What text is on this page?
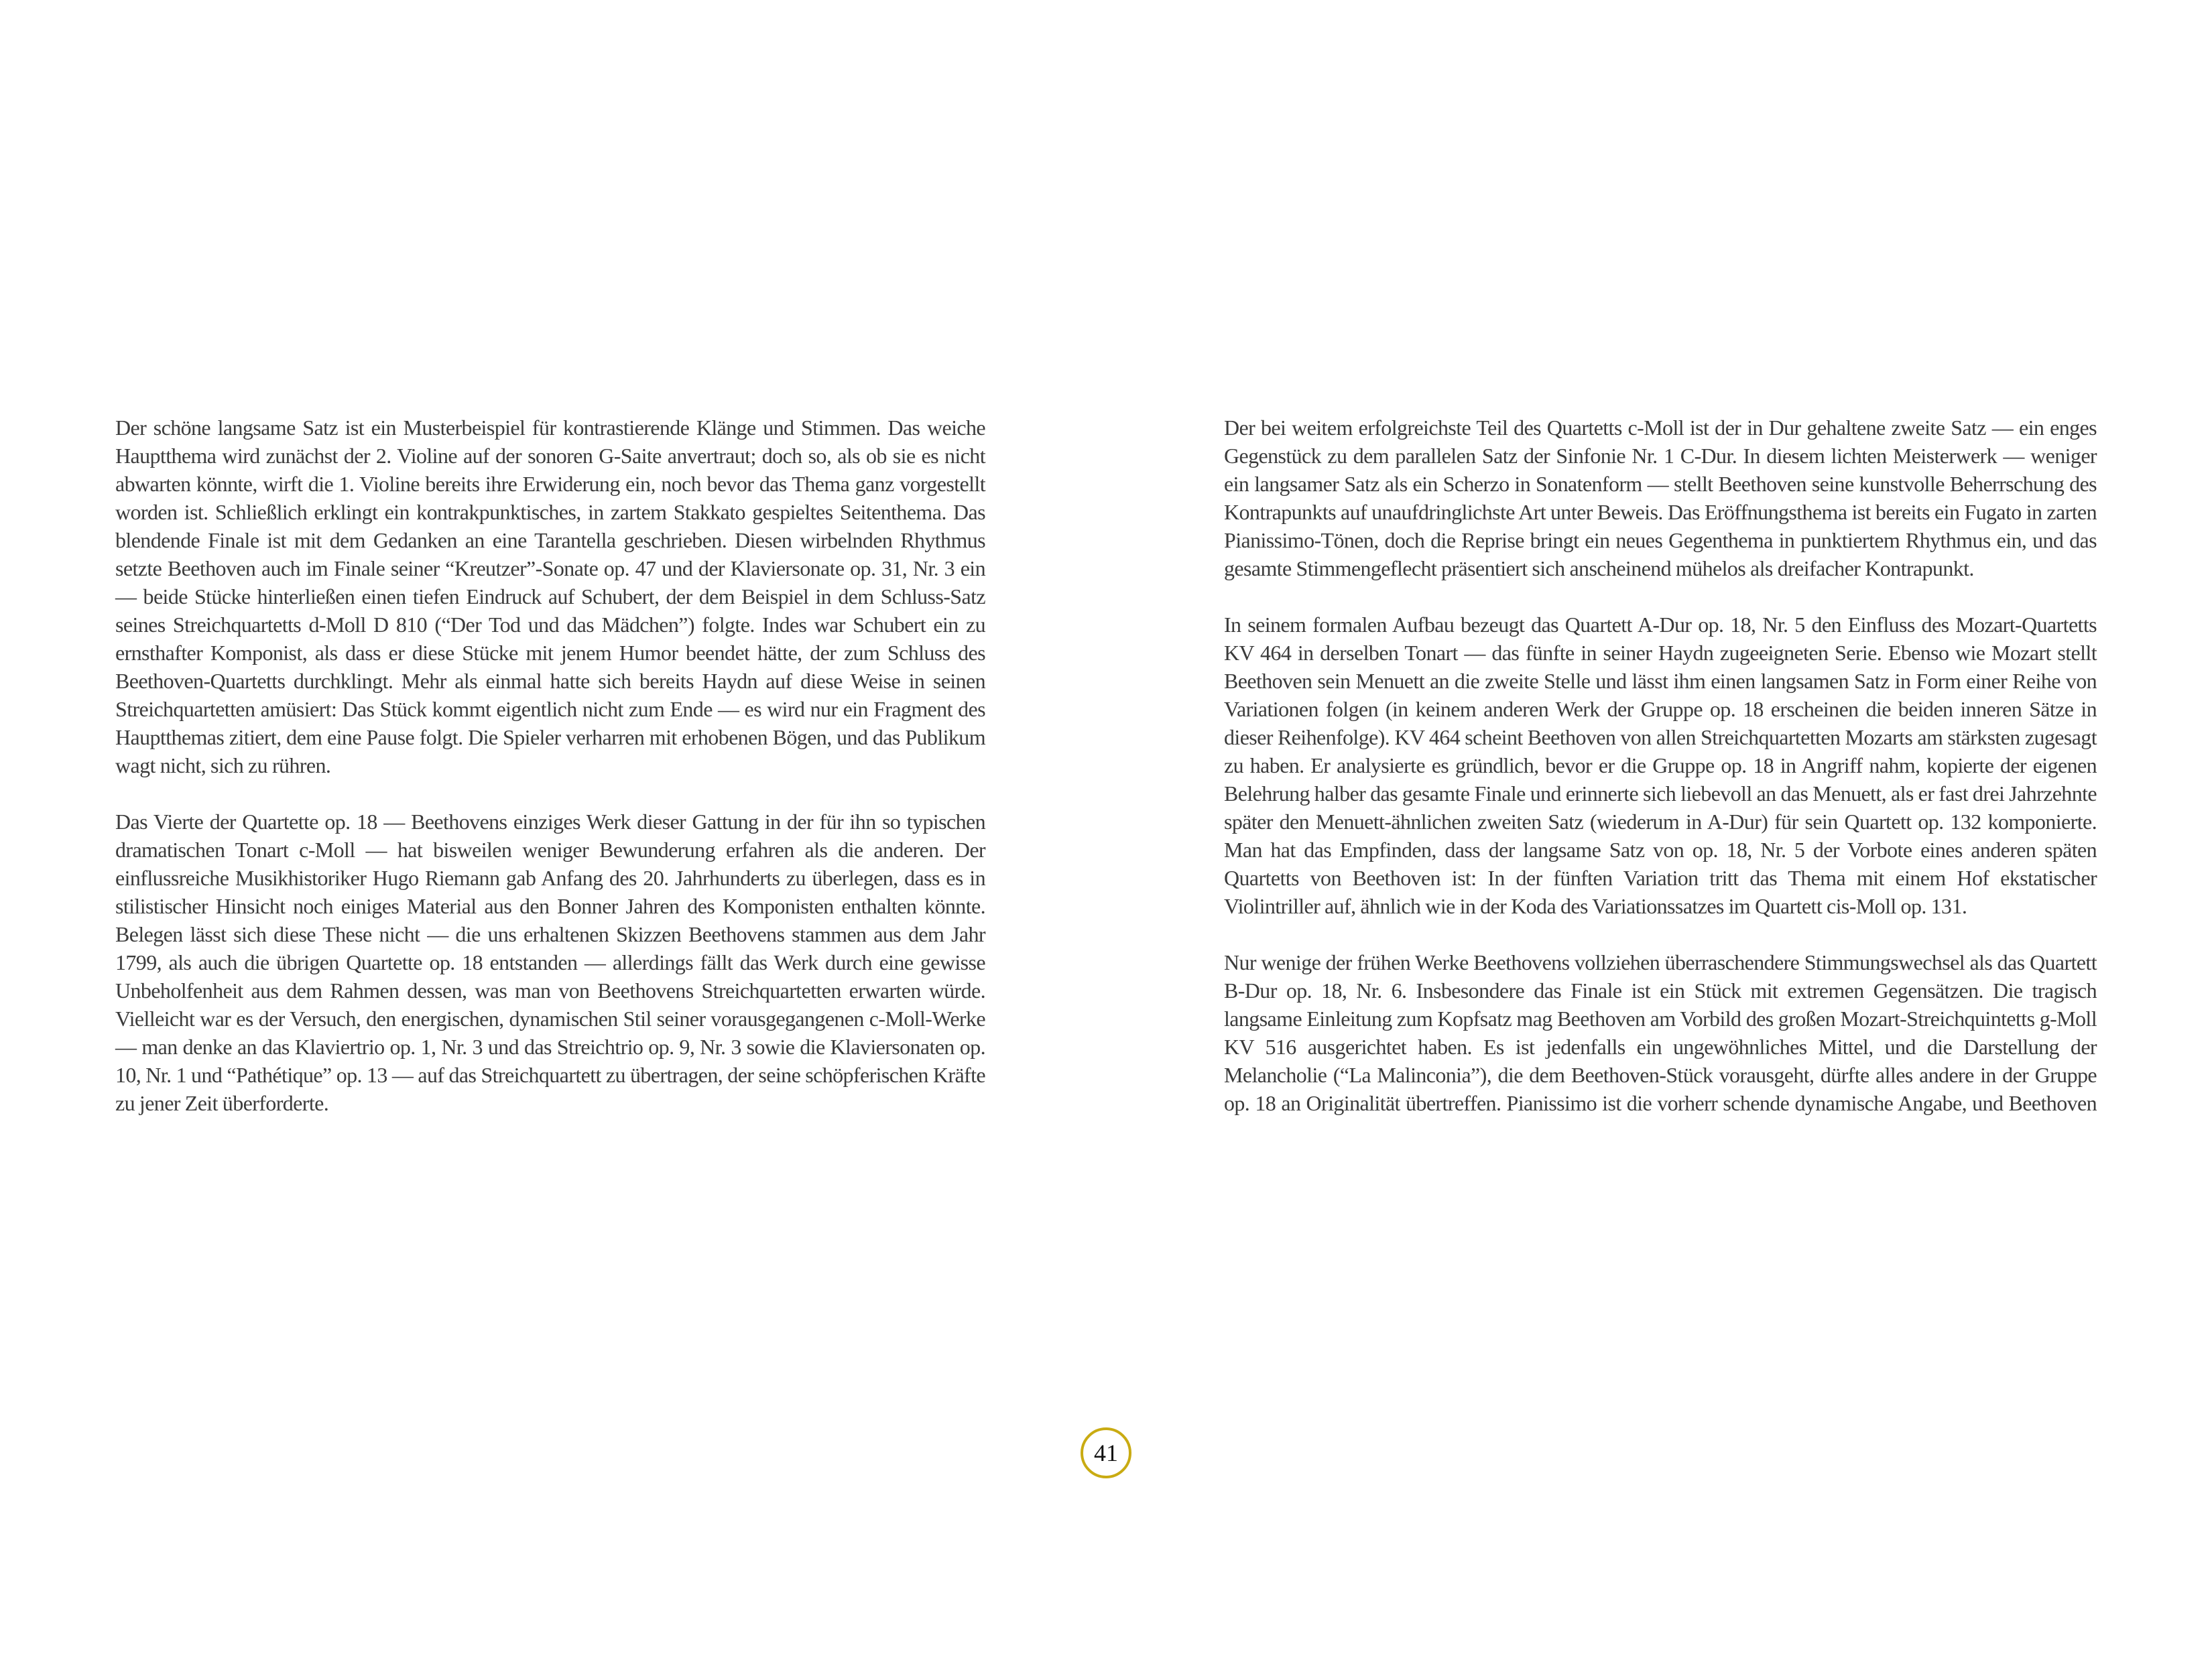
Der schöne langsame Satz ist ein Musterbeispiel für kontrastierende Klänge und Stimmen. Das weiche Hauptthema wird zunächst der 2. Violine auf der sonoren G-Saite anvertraut; doch so, als ob sie es nicht abwarten könnte, wirft die 1. Violine bereits ihre Erwiderung ein, noch bevor das Thema ganz vorgestellt worden ist. Schließlich erklingt ein kontrakpunktisches, in zartem Stakkato gespieltes Seitenthema. Das blendende Finale ist mit dem Gedanken an eine Tarantella geschrieben. Diesen wirbelnden Rhythmus setzte Beethoven auch im Finale seiner “Kreutzer”-Sonate op. 47 und der Klaviersonate op. 31, Nr. 3 ein — beide Stücke hinterließen einen tiefen Eindruck auf Schubert, der dem Beispiel in dem Schluss-Satz seines Streichquartetts d-Moll D 810 (“Der Tod und das Mädchen”) folgte. Indes war Schubert ein zu ernsthafter Komponist, als dass er diese Stücke mit jenem Humor beendet hätte, der zum Schluss des Beethoven-Quartetts durchklingt. Mehr als einmal hatte sich bereits Haydn auf diese Weise in seinen Streichquartetten amüsiert: Das Stück kommt eigentlich nicht zum Ende — es wird nur ein Fragment des Hauptthemas zitiert, dem eine Pause folgt. Die Spieler verharren mit erhobenen Bögen, und das Publikum wagt nicht, sich zu rühren.

Das Vierte der Quartette op. 18 — Beethovens einziges Werk dieser Gattung in der für ihn so typischen dramatischen Tonart c-Moll — hat bisweilen weniger Bewunderung erfahren als die anderen. Der einflussreiche Musikhistoriker Hugo Riemann gab Anfang des 20. Jahrhunderts zu überlegen, dass es in stilistischer Hinsicht noch einiges Material aus den Bonner Jahren des Komponisten enthalten könnte. Belegen lässt sich diese These nicht — die uns erhaltenen Skizzen Beethovens stammen aus dem Jahr 1799, als auch die übrigen Quartette op. 18 entstanden — allerdings fällt das Werk durch eine gewisse Unbeholfenheit aus dem Rahmen dessen, was man von Beethovens Streichquartetten erwarten würde. Vielleicht war es der Versuch, den energischen, dynamischen Stil seiner vorausgegangenen c-Moll-Werke — man denke an das Klaviertrio op. 1, Nr. 3 und das Streichtrio op. 9, Nr. 3 sowie die Klaviersonaten op. 10, Nr. 1 und “Pathétique” op. 13 — auf das Streichquartett zu übertragen, der seine schöpferischen Kräfte zu jener Zeit überforderte.

Der bei weitem erfolgreichste Teil des Quartetts c-Moll ist der in Dur gehaltene zweite Satz — ein enges Gegenstück zu dem parallelen Satz der Sinfonie Nr. 1 C-Dur. In diesem lichten Meisterwerk — weniger ein langsamer Satz als ein Scherzo in Sonatenform — stellt Beethoven seine kunstvolle Beherrschung des Kontrapunkts auf unaufdringlichste Art unter Beweis. Das Eröffnungsthema ist bereits ein Fugato in zarten Pianissimo-Tönen, doch die Reprise bringt ein neues Gegenthema in punktiertem Rhythmus ein, und das gesamte Stimmengeflecht präsentiert sich anscheinend mühelos als dreifacher Kontrapunkt.

In seinem formalen Aufbau bezeugt das Quartett A-Dur op. 18, Nr. 5 den Einfluss des Mozart-Quartetts KV 464 in derselben Tonart — das fünfte in seiner Haydn zugeeigneten Serie. Ebenso wie Mozart stellt Beethoven sein Menuett an die zweite Stelle und lässt ihm einen langsamen Satz in Form einer Reihe von Variationen folgen (in keinem anderen Werk der Gruppe op. 18 erscheinen die beiden inneren Sätze in dieser Reihenfolge). KV 464 scheint Beethoven von allen Streichquartetten Mozarts am stärksten zugesagt zu haben. Er analysierte es gründlich, bevor er die Gruppe op. 18 in Angriff nahm, kopierte der eigenen Belehrung halber das gesamte Finale und erinnerte sich liebevoll an das Menuett, als er fast drei Jahrzehnte später den Menuett-ähnlichen zweiten Satz (wiederum in A-Dur) für sein Quartett op. 132 komponierte. Man hat das Empfinden, dass der langsame Satz von op. 18, Nr. 5 der Vorbote eines anderen späten Quartetts von Beethoven ist: In der fünften Variation tritt das Thema mit einem Hof ekstatischer Violintriller auf, ähnlich wie in der Koda des Variationssatzes im Quartett cis-Moll op. 131.

Nur wenige der frühen Werke Beethovens vollziehen überraschendere Stimmungswechsel als das Quartett B-Dur op. 18, Nr. 6. Insbesondere das Finale ist ein Stück mit extremen Gegensätzen. Die tragisch langsame Einleitung zum Kopfsatz mag Beethoven am Vorbild des großen Mozart-Streichquintetts g-Moll KV 516 ausgerichtet haben. Es ist jedenfalls ein ungewöhnliches Mittel, und die Darstellung der Melancholie (“La Malinconia”), die dem Beethoven-Stück vorausgeht, dürfte alles andere in der Gruppe op. 18 an Originalität übertreffen. Pianissimo ist die vorherr schende dynamische Angabe, und Beethoven

41
